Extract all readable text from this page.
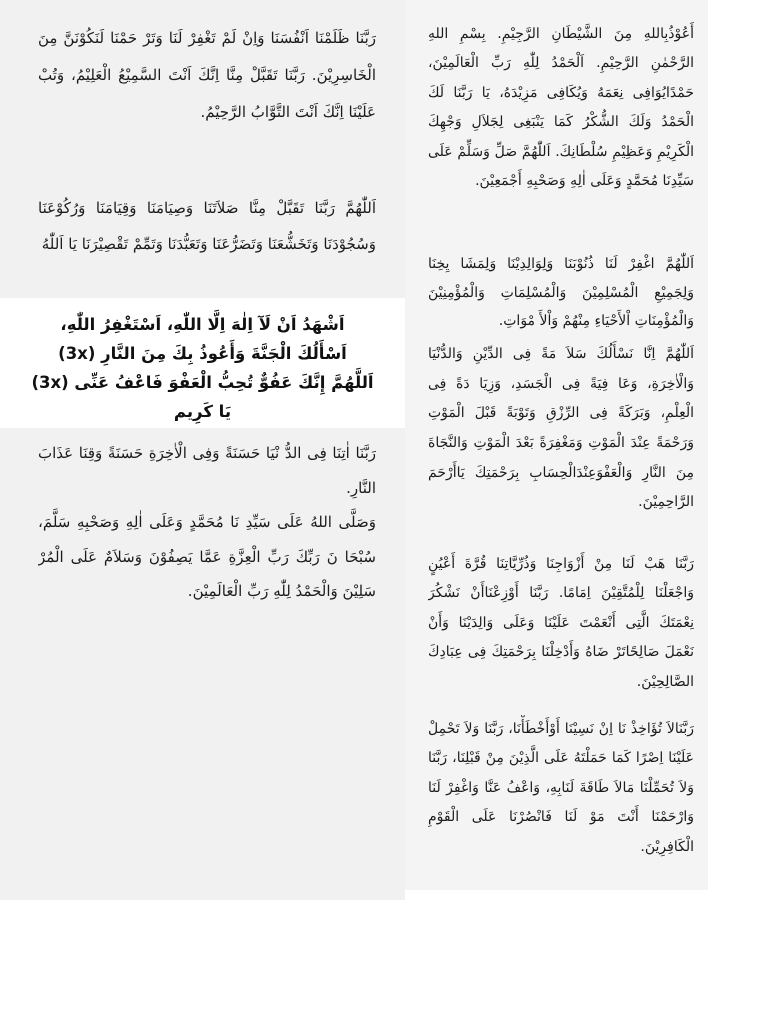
رَبَّنَا ظَلَمْنَا اَنْفُسَنَا وَاِنْ لَمْ تَغْفِرْ لَنَا وَتَرْ حَمْنَا لَنَكُوْنَنَّ مِنَ الْخَاسِرِيْنَ. رَبَّنَا تَقَبَّلْ مِنَّا اِنَّكَ اَنْتَ السَّمِيْعُ الْعَلِيْمُ، وَتُبْ عَلَيْنَا اِنَّكَ اَنْتَ التَّوَّابُ الرَّحِيْمُ.

اَللّٰهُمَّ رَبَّنَا تَقَبَّلْ مِنَّا صَلاَتَنَا وَصِيَامَنَا وَقِيَامَنَا وَرُكُوْعَنَا وَسُجُوْدَنَا وَتَخَشُّعَنَا وَتَضَرُّعَنَا وَتَعَبُّدَنَا وَتَمِّمْ تَقْصِيْرَنَا يَا اَللّٰهُ

اَشْهَدُ اَنْ لَآ اِلٰهَ اِلَّا اللّٰهِ، اَسْتَغْفِرُ اللّٰهِ،
اَسْأَلُكَ الْجَنَّةَ وَأَعُوذُ بِكَ مِنَ النَّارِ (3x)
اَللَّهُمَّ إِنَّكَ عَفُوٌّ تُحِبُّ الْعَفْوَ فَاعْفُ عَنِّى (3x)
يَا كَرِيم

رَبَّنَا اٰتِنَا فِى الدُّ نْيَا حَسَنَةً وَفِى الْاٰخِرَةِ حَسَنَةً وَقِنَا عَذَابَ النَّارِ.

وَصَلَّى اللهُ عَلَى سَيِّدِ نَا مُحَمَّدٍ وَعَلَى اٰلِهِ وَصَحْبِهِ سَلَّمَ، سُبْحَا نَ رَبِّكَ رَبِّ الْعِزَّةِ عَمَّا يَصِفُوْنَ وَسَلاَمٌ عَلَى الْمُرْ سَلِيْنَ وَالْحَمْدُ لِلّٰهِ رَبِّ الْعَالَمِيْنَ.

أَعُوْذُبِاللهِ مِنَ الشَّيْطَانِ الرَّجِيْمِ. بِسْمِ اللهِ الرَّحْمٰنِ الرَّحِيْمِ. اَلْحَمْدُ لِلّٰهِ رَبِّ الْعَالَمِيْنَ، حَمْدًايُوَافِى نِعَمَهُ وَيُكَافِى مَزِيْدَهُ، يَا رَبَّنَا لَكَ الْحَمْدُ وَلَكَ الشُّكْرُ كَمَا يَنْبَغِى لِجَلاَلِ وَجْهِكَ الْكَرِيْمِ وَعَظِيْمِ سُلْطَانِكَ. اَللّٰهُمَّ صَلِّ وَسَلِّمْ عَلَى سَيِّدِنَا مُحَمَّدٍ وَعَلَى اٰلِهِ وَصَحْبِهِ أَجْمَعِيْنَ.

اَللّٰهُمَّ اغْفِرْ لَنَا ذُنُوْبَنَا وَلِوَالِدِيْنَا وَلِمَشَا يِخِنَا وَلِجَمِيْعِ الْمُسْلِمِيْنَ وَالْمُسْلِمَاتِ وَالْمُؤْمِنِيْنَ وَالْمُؤْمِنَاتِ اْلأَحْيَاءِ مِنْهُمْ وَاْلأَ مْوَاتِ.

اَللّٰهُمَّ اِنَّا نَسْأَلُكَ سَلاَ مَةً فِى الدِّيْنِ وَالدُّنْيَا وَالْاٰخِرَةِ، وَعَا فِيَةً فِى الْجَسَدِ، وَزِيَا دَةً فِى الْعِلْمِ، وَبَرَكَةً فِى الرِّزْقِ وَتَوْبَةً قَبْلَ الْمَوْتِ وَرَحْمَةً عِنْدَ الْمَوْتِ وَمَغْفِرَةً بَعْدَ الْمَوْتِ وَالنَّجَاةَ مِنَ النَّارِ وَالْعَفْوَعِنْدَالْحِسَابِ بِرَحْمَتِكَ يَاأَرْحَمَ الرَّاحِمِيْنَ.

رَبَّنَا هَبْ لَنَا مِنْ أَزْوَاجِنَا وَذُرِّيَّاتِنَا قُرَّةَ أَعْيُنٍ وَاجْعَلْنَا لِلْمُتَّقِيْنَ اِمَامًا. رَبَّنَا أَوْزِعْنَاأَنْ نَشْكُرَ نِعْمَتَكَ الَّتِى أَنْعَمْتَ عَلَيْنَا وَعَلَى وَالِدَيْنَا وَأَنْ نَعْمَلَ صَالِحًاتَرْ ضَاهُ وَأَدْخِلْنَا بِرَحْمَتِكَ فِى عِبَادِكَ الصَّالِحِيْنَ.

رَبَّنَالاَ تُؤَاخِذْ نَا اِنْ نَسِيْنَا أَوْأَخْطَأْنَا، رَبَّنَا وَلاَ تَحْمِلْ عَلَيْنَا اِصْرًا كَمَا حَمَلْتَهُ عَلَى الَّذِيْنَ مِنْ قَبْلِنَا، رَبَّنَا وَلاَ تُحَمِّلْنَا مَالاَ طَاقَةَ لَنَابِهِ، وَاعْفُ عَنَّا وَاغْفِرْ لَنَا وَارْحَمْنَا أَنْتَ مَوْ لَنَا فَانْصُرْنَا عَلَى الْقَوْمِ الْكَافِرِيْنَ.
